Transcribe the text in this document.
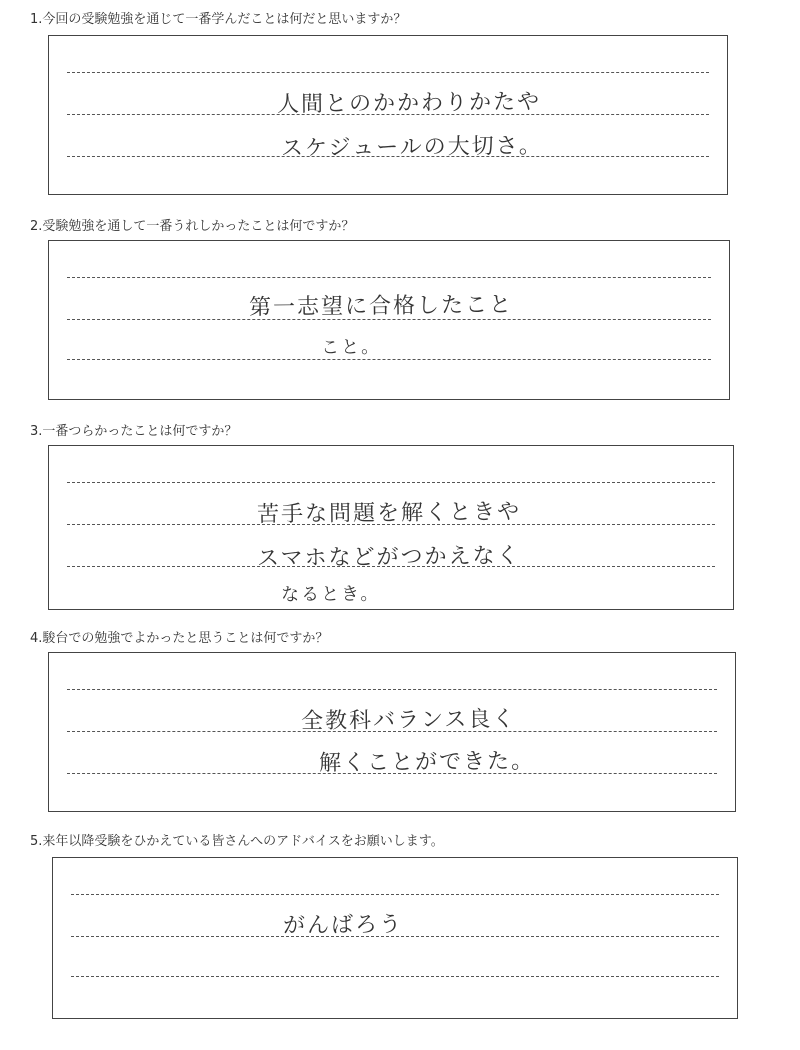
1.今回の受験勉強を通じて一番学んだことは何だと思いますか？
人間とのかかわりかたや
スケジュールの大切さ。
2.受験勉強を通して一番うれしかったことは何ですか？
第一志望に合格したこと
こと。
3.一番つらかったことは何ですか？
苦手な問題を解くときや
スマホなどがつかえなく
なるとき。
4.駿台での勉強でよかったと思うことは何ですか？
全教科バランス良く
解くことができた。
5.来年以降受験をひかえている皆さんへのアドバイスをお願いします。
がんばろう
